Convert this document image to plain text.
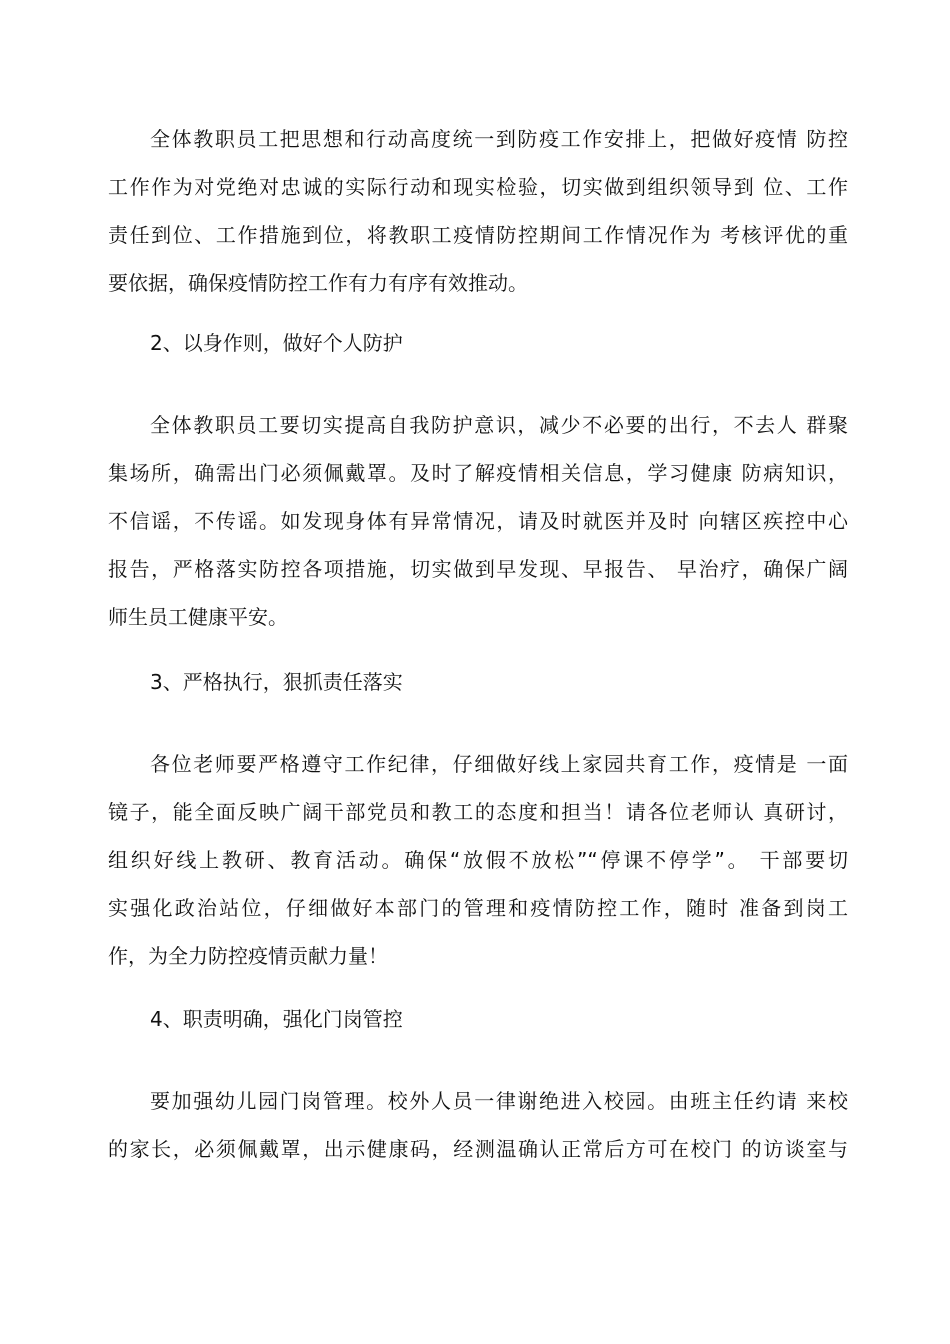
全体教职员工把思想和行动高度统一到防疫工作安排上，把做好疫情 防控
工作作为对党绝对忠诚的实际行动和现实检验，切实做到组织领导到 位、工作
责任到位、工作措施到位，将教职工疫情防控期间工作情况作为 考核评优的重
要依据，确保疫情防控工作有力有序有效推动。
2、以身作则，做好个人防护
全体教职员工要切实提高自我防护意识，减少不必要的出行，不去人 群聚
集场所，确需出门必须佩戴罩。及时了解疫情相关信息，学习健康 防病知识，
不信谣，不传谣。如发现身体有异常情况，请及时就医并及时 向辖区疾控中心
报告，严格落实防控各项措施，切实做到早发现、早报告、 早治疗，确保广阔
师生员工健康平安。
3、严格执行，狠抓责任落实
各位老师要严格遵守工作纪律，仔细做好线上家园共育工作，疫情是 一面
镜子，能全面反映广阔干部党员和教工的态度和担当！请各位老师认 真研讨，
组织好线上教研、教育活动。确保“放假不放松”“停课不停学”。 干部要切
实强化政治站位，仔细做好本部门的管理和疫情防控工作，随时 准备到岗工
作，为全力防控疫情贡献力量！
4、职责明确，强化门岗管控
要加强幼儿园门岗管理。校外人员一律谢绝进入校园。由班主任约请 来校
的家长，必须佩戴罩，出示健康码，经测温确认正常后方可在校门 的访谈室与
